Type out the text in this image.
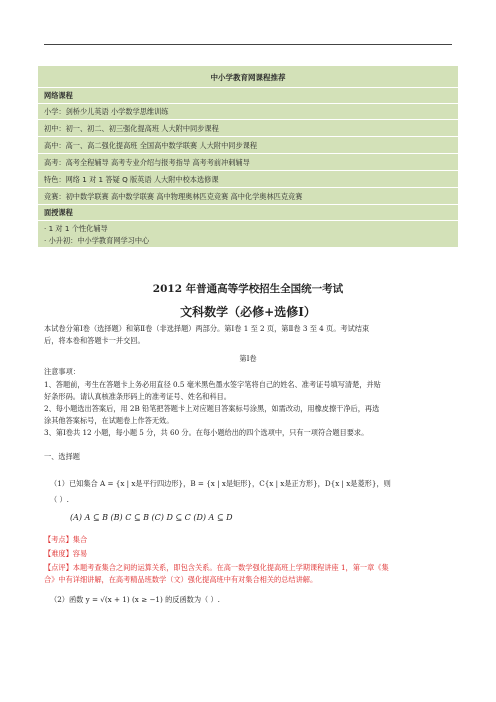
中小学教育网课程推荐
网络课程
小学：剑桥少儿英语 小学数学思维训练
初中：初一、初二、初三强化提高班 人大附中同步课程
高中：高一、高二强化提高班 全国高中数学联赛 人大附中同步课程
高考：高考全程辅导 高考专业介绍与报考指导 高考考前冲刺辅导
特色：网络 1 对 1 答疑 Q 版英语 人大附中校本选修课
竞赛：初中数学联赛 高中数学联赛 高中物理奥林匹克竞赛 高中化学奥林匹克竞赛
面授课程
· 1 对 1 个性化辅导
· 小升初：中小学教育网学习中心
2012 年普通高等学校招生全国统一考试
文科数学（必修+选修Ⅰ）
本试卷分第Ⅰ卷（选择题）和第Ⅱ卷（非选择题）两部分。第Ⅰ卷 1 至 2 页，第Ⅱ卷 3 至 4 页。考试结束
后，将本卷和答题卡一并交回。
第Ⅰ卷
注意事项：
1、答题前，考生在答题卡上务必用直径 0.5 毫米黑色墨水签字笔将自己的姓名、准考证号填写清楚，并贴
好条形码。请认真核准条形码上的准考证号、姓名和科目。
2、每小题选出答案后，用 2B 铅笔把答题卡上对应题目答案标号涂黑，如需改动，用橡皮擦干净后，再选
涂其他答案标号，在试题卷上作答无效。
3、第Ⅰ卷共 12 小题，每小题 5 分，共 60 分。在每小题给出的四个选项中，只有一项符合题目要求。
一、选择题
（1）已知集合 A = {x | x是平行四边形}，B = {x | x是矩形}，C{x | x是正方形}，D{x | x是菱形}，则
（ ）.
(A) A ⊆ B (B) C ⊆ B (C) D ⊆ C (D) A ⊆ D
【考点】集合
【难度】容易
【点评】本题考查集合之间的运算关系，即包含关系。在高一数学强化提高班上学期课程讲座 1，第一章《集
合》中有详细讲解，在高考精品班数学（文）强化提高班中有对集合相关的总结讲解。
（2）函数 y = √(x + 1) (x ≥ −1) 的反函数为（ ）.
